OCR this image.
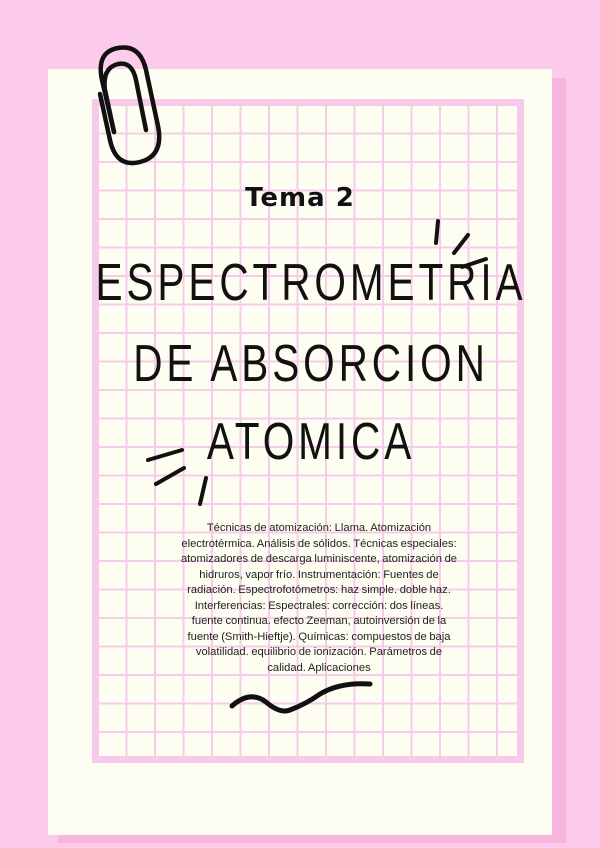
Tema 2
ESPECTROMETRIA
DE ABSORCION
ATOMICA
Técnicas de atomización: Llama. Atomización electrotérmica. Análisis de sólidos. Técnicas especiales: atomizadores de descarga luminiscente, atomización de hidruros, vapor frío. Instrumentación: Fuentes de radiación. Espectrofotómetros: haz simple. doble haz. Interferencias: Espectrales: corrección: dos líneas. fuente continua. efecto Zeeman, autoinversión de la fuente (Smith-Hieftje). Químicas: compuestos de baja volatilidad. equilibrio de ionización. Parámetros de calidad. Aplicaciones
